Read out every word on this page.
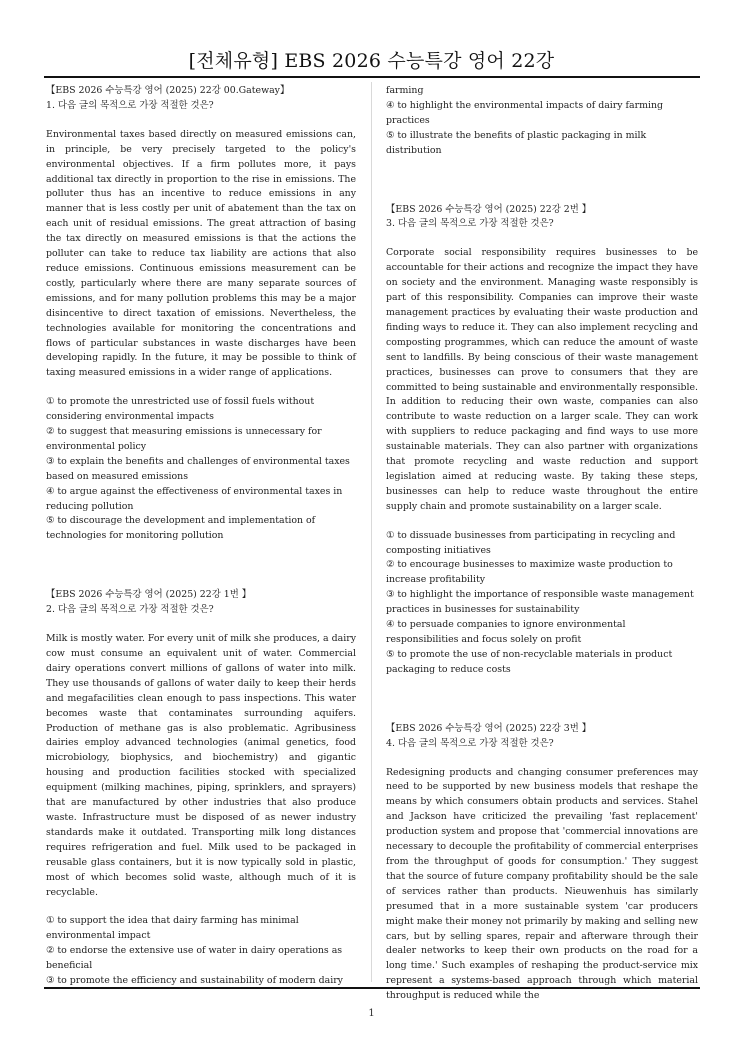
[전체유형] EBS 2026 수능특강 영어 22강
【EBS 2026 수능특강 영어 (2025) 22강 00.Gateway】
1. 다음 글의 목적으로 가장 적절한 것은?
Environmental taxes based directly on measured emissions can, in principle, be very precisely targeted to the policy's environmental objectives. If a firm pollutes more, it pays additional tax directly in proportion to the rise in emissions. The polluter thus has an incentive to reduce emissions in any manner that is less costly per unit of abatement than the tax on each unit of residual emissions. The great attraction of basing the tax directly on measured emissions is that the actions the polluter can take to reduce tax liability are actions that also reduce emissions. Continuous emissions measurement can be costly, particularly where there are many separate sources of emissions, and for many pollution problems this may be a major disincentive to direct taxation of emissions. Nevertheless, the technologies available for monitoring the concentrations and flows of particular substances in waste discharges have been developing rapidly. In the future, it may be possible to think of taxing measured emissions in a wider range of applications.
① to promote the unrestricted use of fossil fuels without considering environmental impacts
② to suggest that measuring emissions is unnecessary for environmental policy
③ to explain the benefits and challenges of environmental taxes based on measured emissions
④ to argue against the effectiveness of environmental taxes in reducing pollution
⑤ to discourage the development and implementation of technologies for monitoring pollution
【EBS 2026 수능특강 영어 (2025) 22강 1번 】
2. 다음 글의 목적으로 가장 적절한 것은?
Milk is mostly water. For every unit of milk she produces, a dairy cow must consume an equivalent unit of water. Commercial dairy operations convert millions of gallons of water into milk. They use thousands of gallons of water daily to keep their herds and megafacilities clean enough to pass inspections. This water becomes waste that contaminates surrounding aquifers. Production of methane gas is also problematic. Agribusiness dairies employ advanced technologies (animal genetics, food microbiology, biophysics, and biochemistry) and gigantic housing and production facilities stocked with specialized equipment (milking machines, piping, sprinklers, and sprayers) that are manufactured by other industries that also produce waste. Infrastructure must be disposed of as newer industry standards make it outdated. Transporting milk long distances requires refrigeration and fuel. Milk used to be packaged in reusable glass containers, but it is now typically sold in plastic, most of which becomes solid waste, although much of it is recyclable.
① to support the idea that dairy farming has minimal environmental impact
② to endorse the extensive use of water in dairy operations as beneficial
③ to promote the efficiency and sustainability of modern dairy
farming
④ to highlight the environmental impacts of dairy farming practices
⑤ to illustrate the benefits of plastic packaging in milk distribution
【EBS 2026 수능특강 영어 (2025) 22강 2번 】
3. 다음 글의 목적으로 가장 적절한 것은?
Corporate social responsibility requires businesses to be accountable for their actions and recognize the impact they have on society and the environment. Managing waste responsibly is part of this responsibility. Companies can improve their waste management practices by evaluating their waste production and finding ways to reduce it. They can also implement recycling and composting programmes, which can reduce the amount of waste sent to landfills. By being conscious of their waste management practices, businesses can prove to consumers that they are committed to being sustainable and environmentally responsible. In addition to reducing their own waste, companies can also contribute to waste reduction on a larger scale. They can work with suppliers to reduce packaging and find ways to use more sustainable materials. They can also partner with organizations that promote recycling and waste reduction and support legislation aimed at reducing waste. By taking these steps, businesses can help to reduce waste throughout the entire supply chain and promote sustainability on a larger scale.
① to dissuade businesses from participating in recycling and composting initiatives
② to encourage businesses to maximize waste production to increase profitability
③ to highlight the importance of responsible waste management practices in businesses for sustainability
④ to persuade companies to ignore environmental responsibilities and focus solely on profit
⑤ to promote the use of non-recyclable materials in product packaging to reduce costs
【EBS 2026 수능특강 영어 (2025) 22강 3번 】
4. 다음 글의 목적으로 가장 적절한 것은?
Redesigning products and changing consumer preferences may need to be supported by new business models that reshape the means by which consumers obtain products and services. Stahel and Jackson have criticized the prevailing 'fast replacement' production system and propose that 'commercial innovations are necessary to decouple the profitability of commercial enterprises from the throughput of goods for consumption.' They suggest that the source of future company profitability should be the sale of services rather than products. Nieuwenhuis has similarly presumed that in a more sustainable system 'car producers might make their money not primarily by making and selling new cars, but by selling spares, repair and afterware through their dealer networks to keep their own products on the road for a long time.' Such examples of reshaping the product-service mix represent a systems-based approach through which material throughput is reduced while the
1
